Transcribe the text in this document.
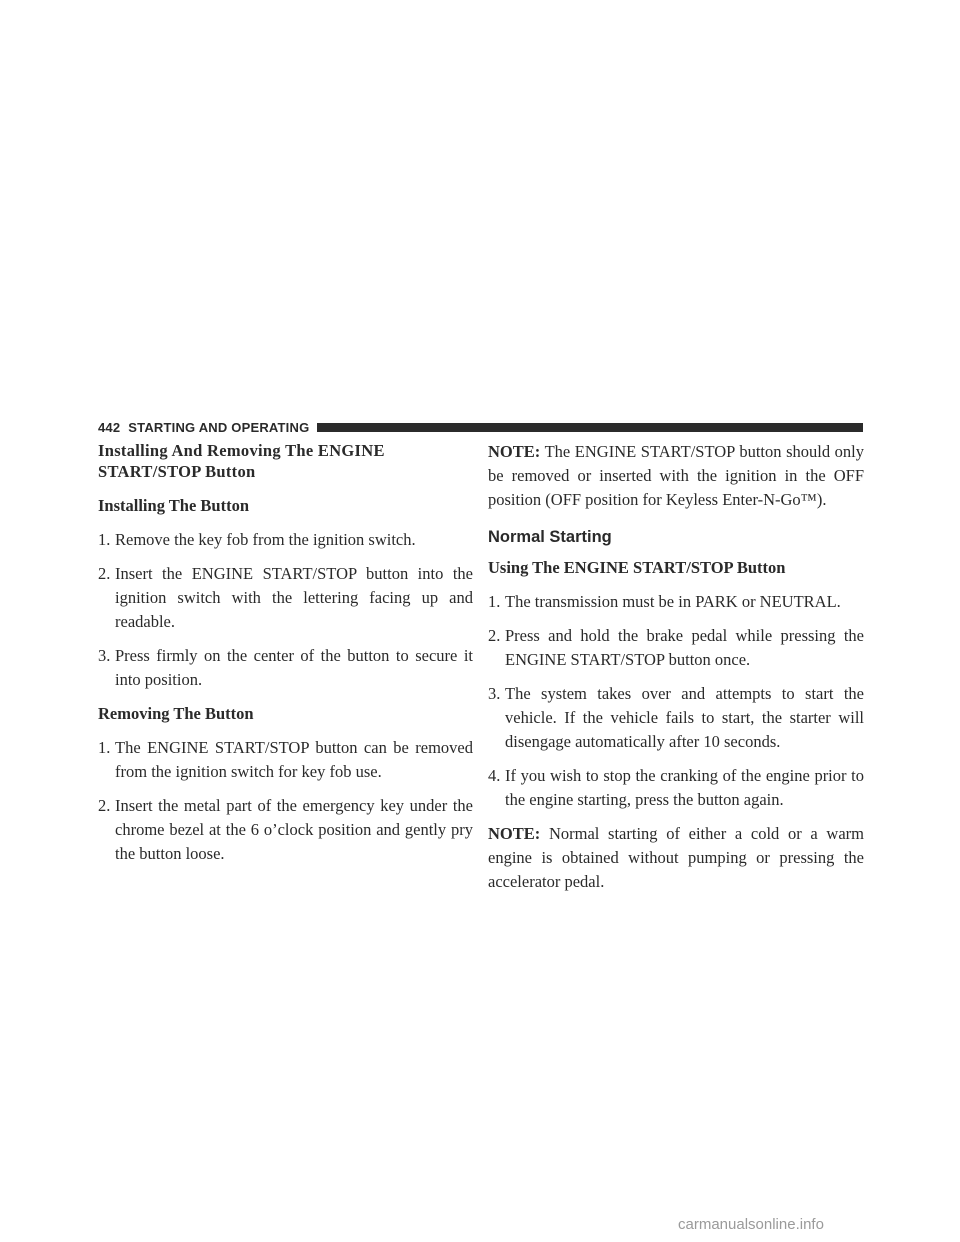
442 STARTING AND OPERATING
Installing And Removing The ENGINE START/STOP Button
Installing The Button
1. Remove the key fob from the ignition switch.
2. Insert the ENGINE START/STOP button into the ignition switch with the lettering facing up and readable.
3. Press firmly on the center of the button to secure it into position.
Removing The Button
1. The ENGINE START/STOP button can be removed from the ignition switch for key fob use.
2. Insert the metal part of the emergency key under the chrome bezel at the 6 o’clock position and gently pry the button loose.

NOTE: The ENGINE START/STOP button should only be removed or inserted with the ignition in the OFF position (OFF position for Keyless Enter-N-Go™).

Normal Starting
Using The ENGINE START/STOP Button
1. The transmission must be in PARK or NEUTRAL.
2. Press and hold the brake pedal while pressing the ENGINE START/STOP button once.
3. The system takes over and attempts to start the vehicle. If the vehicle fails to start, the starter will disengage automatically after 10 seconds.
4. If you wish to stop the cranking of the engine prior to the engine starting, press the button again.

NOTE: Normal starting of either a cold or a warm engine is obtained without pumping or pressing the accelerator pedal.

carmanualsonline.info
